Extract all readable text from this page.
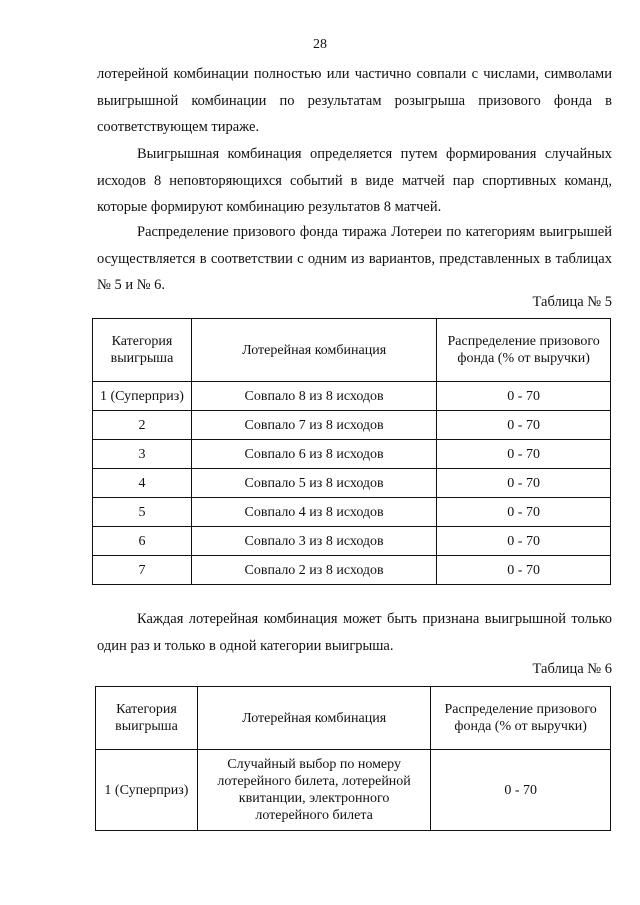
28

лотерейной комбинации полностью или частично совпали с числами, символами выигрышной комбинации по результатам розыгрыша призового фонда в соответствующем тираже.

Выигрышная комбинация определяется путем формирования случайных исходов 8 неповторяющихся событий в виде матчей пар спортивных команд, которые формируют комбинацию результатов 8 матчей.

Распределение призового фонда тиража Лотереи по категориям выигрышей осуществляется в соответствии с одним из вариантов, представленных в таблицах № 5 и № 6.

Таблица № 5
Категория выигрыша	Лотерейная комбинация	Распределение призового фонда (% от выручки)
1 (Суперприз)	Совпало 8 из 8 исходов	0 - 70
2	Совпало 7 из 8 исходов	0 - 70
3	Совпало 6 из 8 исходов	0 - 70
4	Совпало 5 из 8 исходов	0 - 70
5	Совпало 4 из 8 исходов	0 - 70
6	Совпало 3 из 8 исходов	0 - 70
7	Совпало 2 из 8 исходов	0 - 70

Каждая лотерейная комбинация может быть признана выигрышной только один раз и только в одной категории выигрыша.

Таблица № 6
Категория выигрыша	Лотерейная комбинация	Распределение призового фонда (% от выручки)
1 (Суперприз)	Случайный выбор по номеру лотерейного билета, лотерейной квитанции, электронного лотерейного билета	0 - 70
